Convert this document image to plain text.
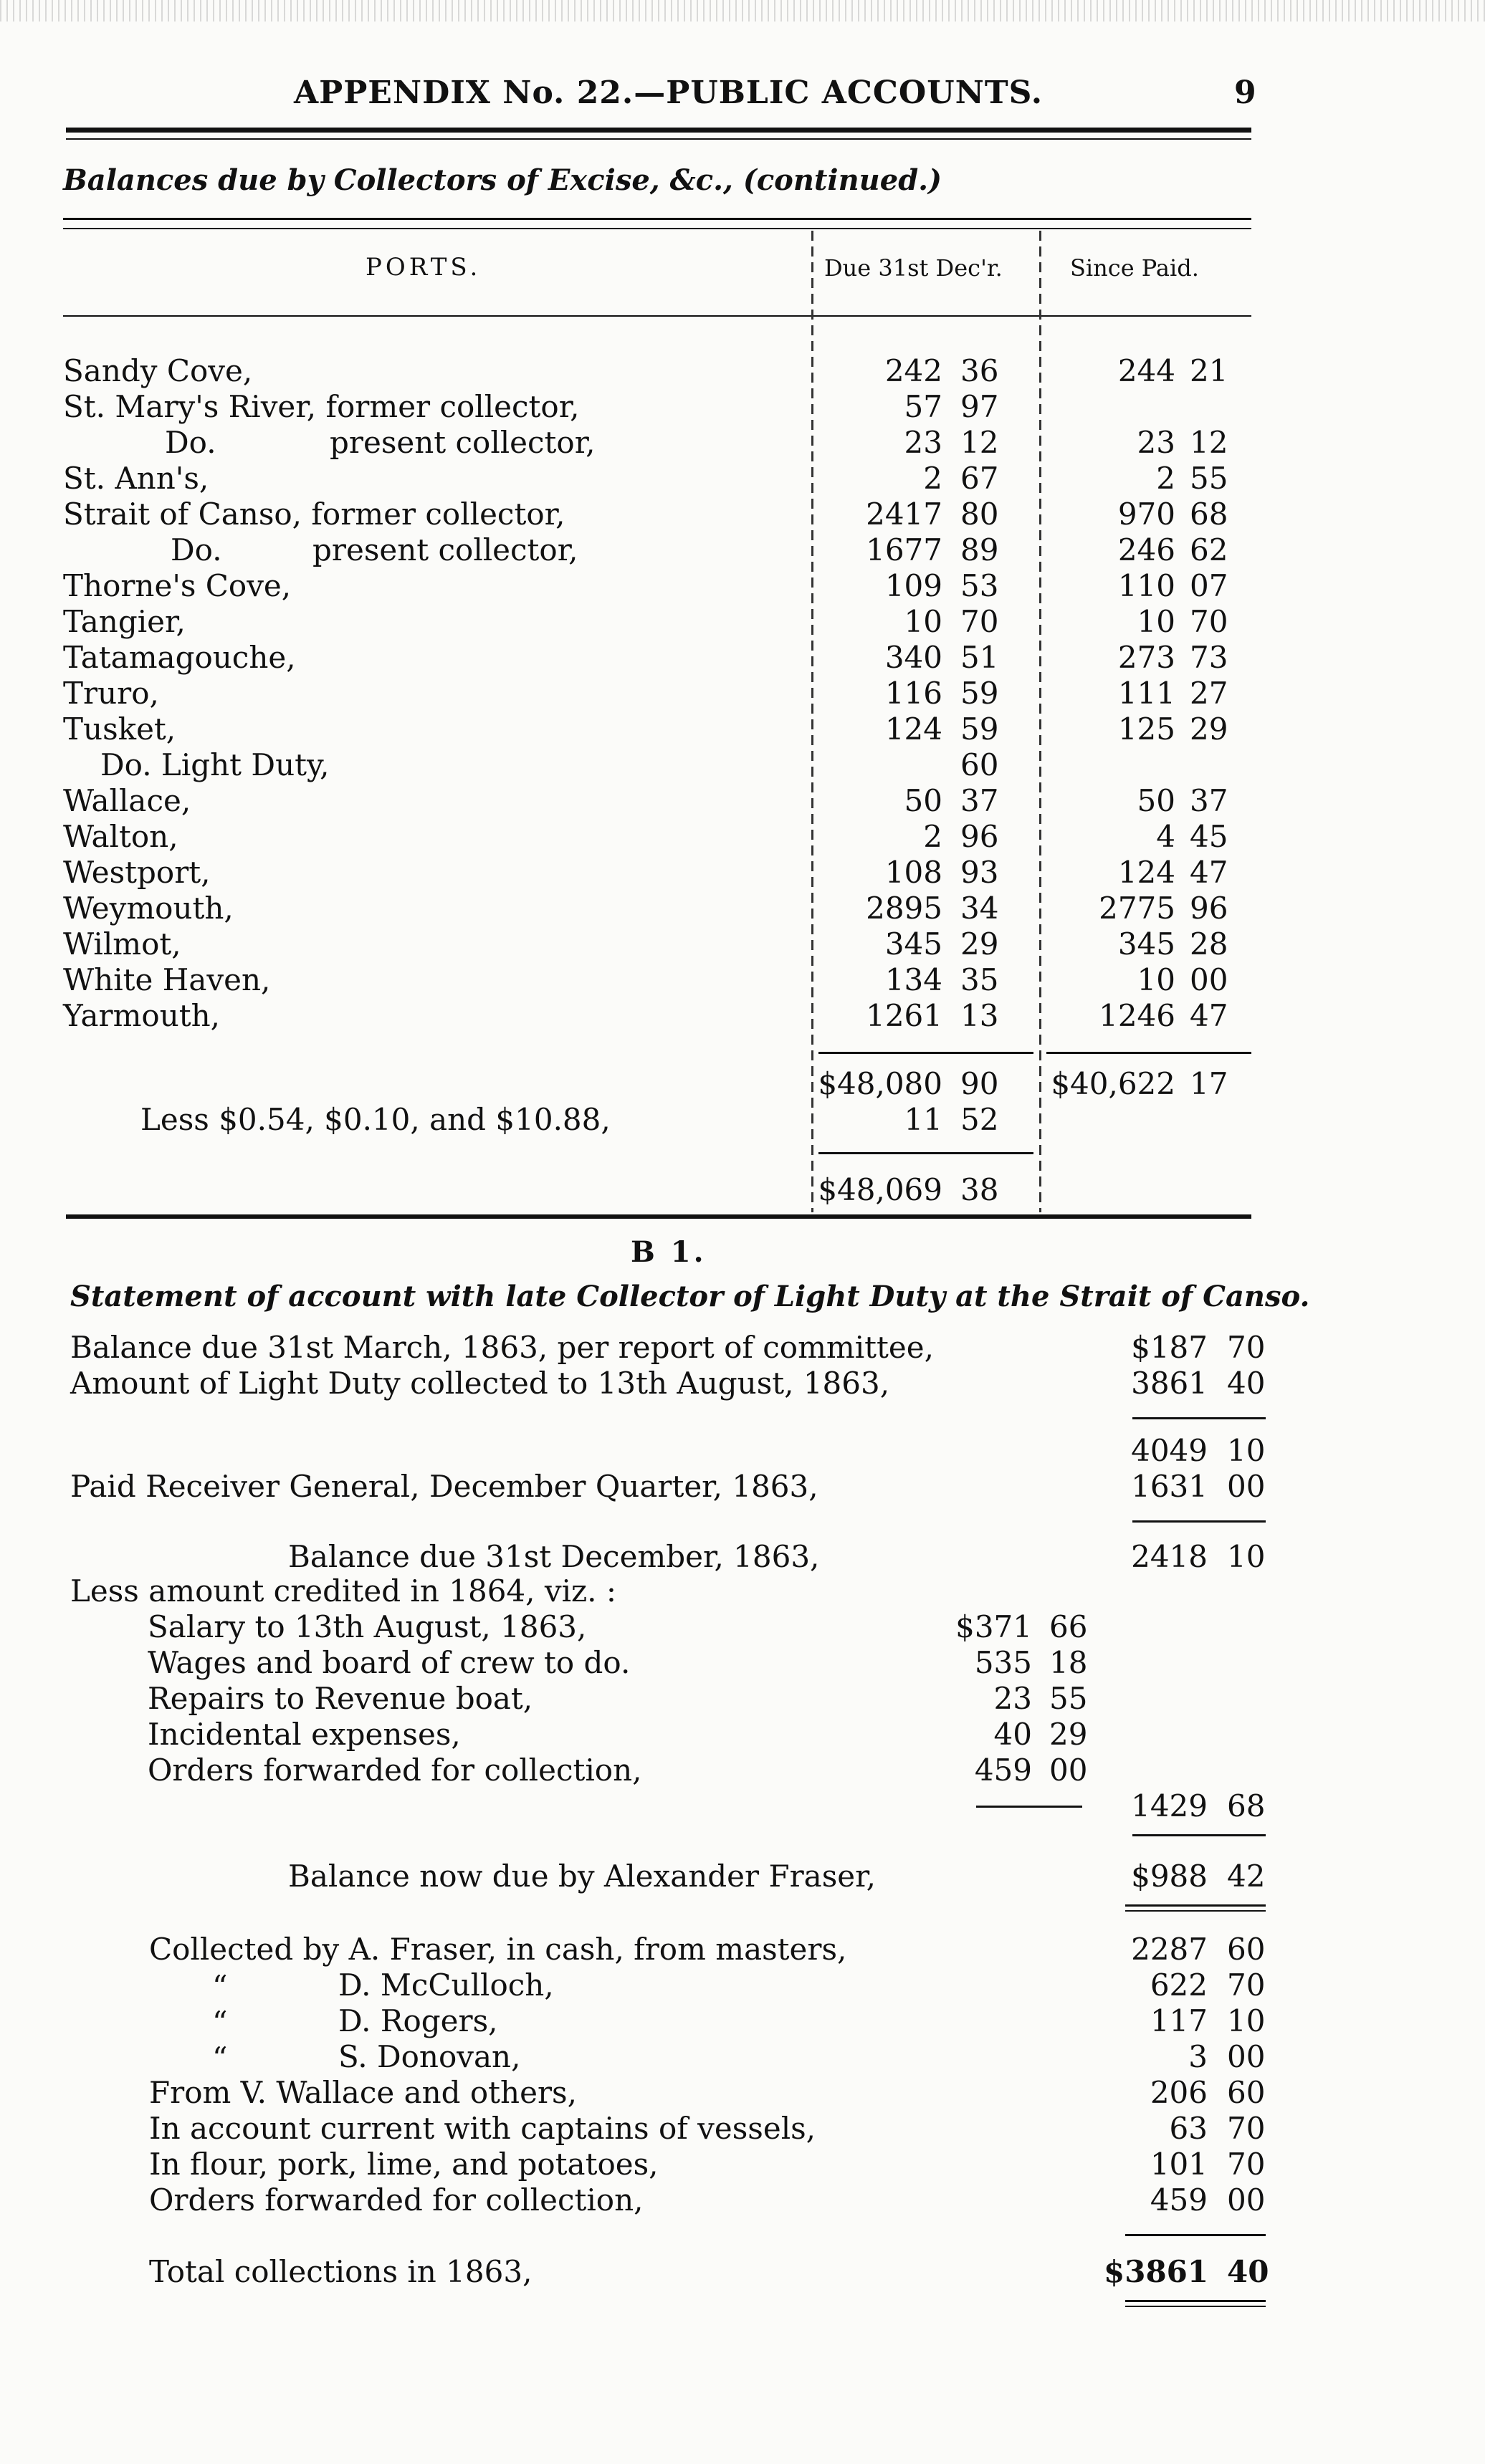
APPENDIX No. 22.—PUBLIC ACCOUNTS.	9
Balances due by Collectors of Excise, &c., (continued.)
PORTS.	Due 31st Dec'r.	Since Paid.
Sandy Cove,	242 36	244 21
St. Mary's River, former collector,	57 97
Do.	present collector,	23 12	23 12
St. Ann's,	2 67	2 55
Strait of Canso, former collector,	2417 80	970 68
Do.	present collector,	1677 89	246 62
Thorne's Cove,	109 53	110 07
Tangier,	10 70	10 70
Tatamagouche,	340 51	273 73
Truro,	116 59	111 27
Tusket,	124 59	125 29
Do. Light Duty,	60
Wallace,	50 37	50 37
Walton,	2 96	4 45
Westport,	108 93	124 47
Weymouth,	2895 34	2775 96
Wilmot,	345 29	345 28
White Haven,	134 35	10 00
Yarmouth,	1261 13	1246 47
$48,080 90	$40,622 17
Less $0.54, $0.10, and $10.88,	11 52
$48,069 38
B 1.
Statement of account with late Collector of Light Duty at the Strait of Canso.
Balance due 31st March, 1863, per report of committee,	$187 70
Amount of Light Duty collected to 13th August, 1863,	3861 40
4049 10
Paid Receiver General, December Quarter, 1863,	1631 00
Balance due 31st December, 1863,	2418 10
Less amount credited in 1864, viz. :
Salary to 13th August, 1863,	$371 66
Wages and board of crew to do.	535 18
Repairs to Revenue boat,	23 55
Incidental expenses,	40 29
Orders forwarded for collection,	459 00
1429 68
Balance now due by Alexander Fraser,	$988 42
Collected by A. Fraser, in cash, from masters,	2287 60
“	D. McCulloch,	622 70
“	D. Rogers,	117 10
“	S. Donovan,	3 00
From V. Wallace and others,	206 60
In account current with captains of vessels,	63 70
In flour, pork, lime, and potatoes,	101 70
Orders forwarded for collection,	459 00
Total collections in 1863,	$3861 40
